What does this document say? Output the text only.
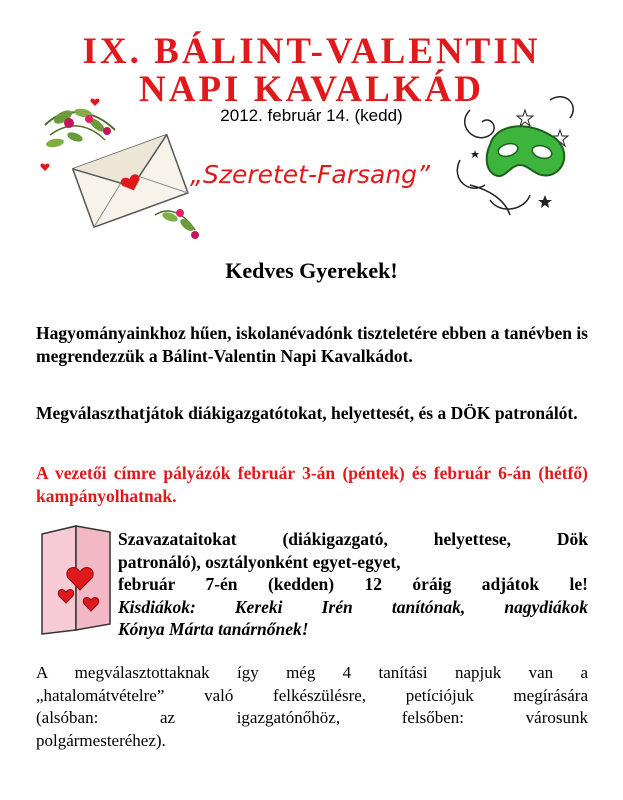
IX. BÁLINT-VALENTIN
NAPI KAVALKÁD
2012. február 14. (kedd)
„Szeretet-Farsang”
Kedves Gyerekek!
Hagyományainkhoz hűen, iskolanévadónk tiszteletére ebben a tanévben is megrendezzük a Bálint-Valentin Napi Kavalkádot.
Megválaszthatjátok diákigazgatótokat, helyettesét, és a DÖK patronálót.
A vezetői címre pályázók február 3-án (péntek) és február 6-án (hétfő) kampányolhatnak.
Szavazataitokat (diákigazgató, helyettese, Dök
patronáló), osztályonként egyet-egyet,
február 7-én (kedden) 12 óráig adjátok le!
Kisdiákok: Kereki Irén tanítónak, nagydiákok
Kónya Márta tanárnőnek!
A megválasztottaknak így még 4 tanítási napjuk van a
„hatalomátvételre” való felkészülésre, petíciójuk megírására
(alsóban: az igazgatónőhöz, felsőben: városunk
polgármesteréhez).
